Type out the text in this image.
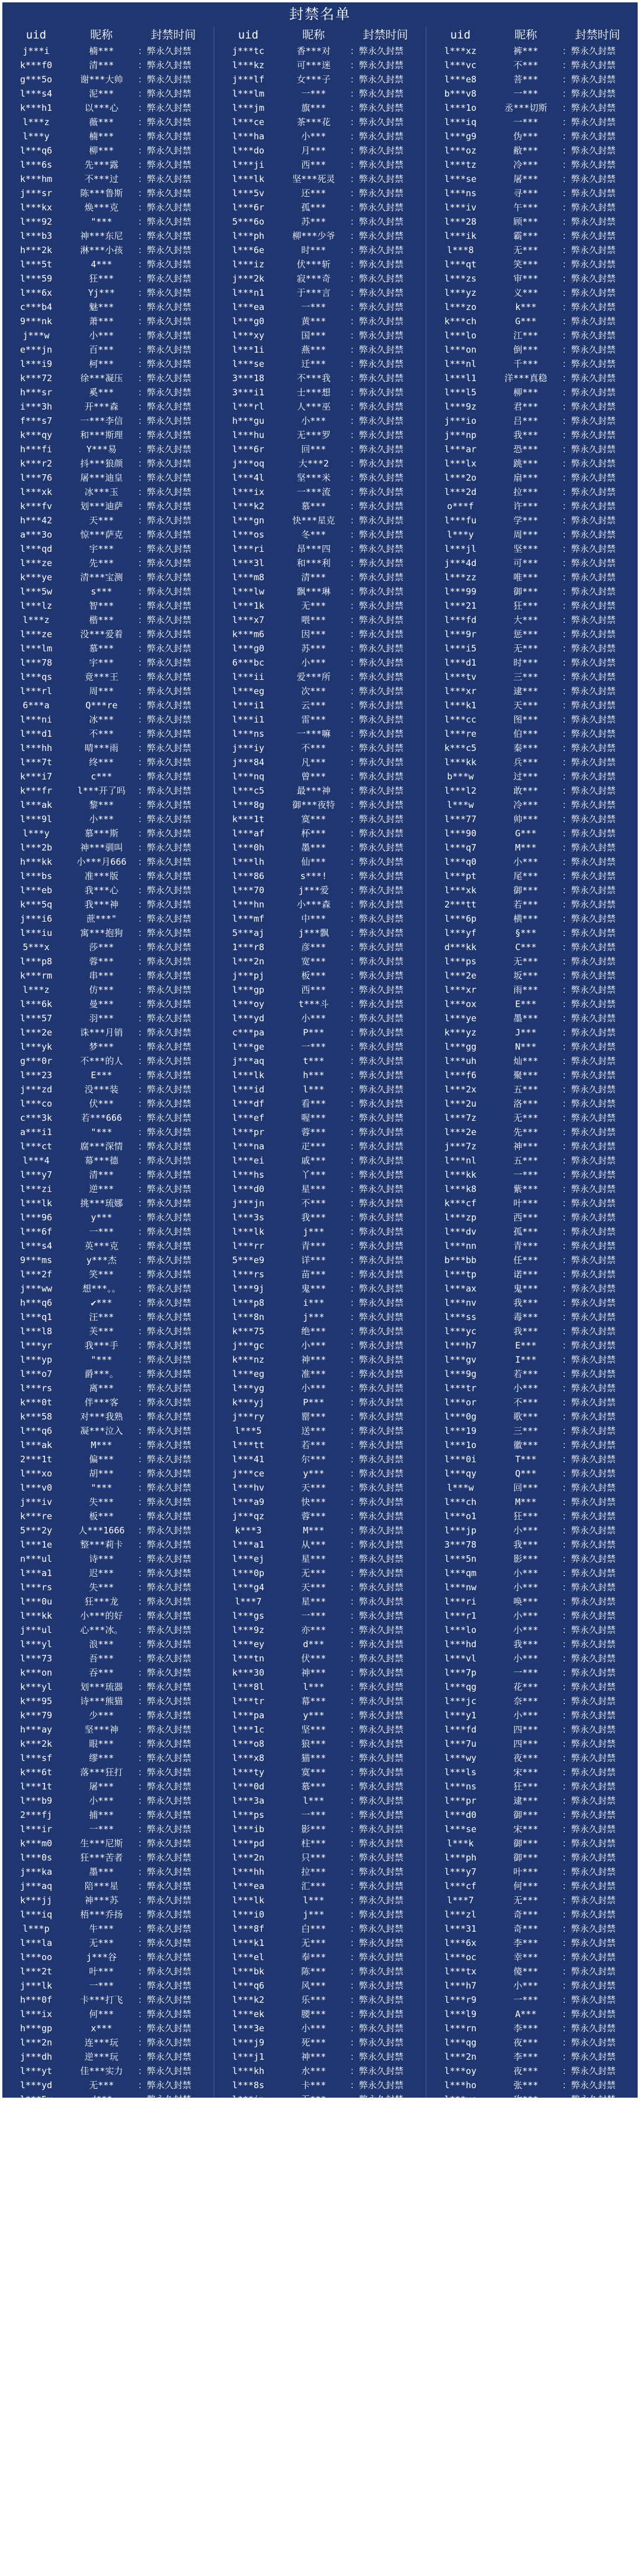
封禁名单
uid	昵称	封禁时间
j***i	楠***	：弊永久封禁
k***f0	清***	：弊永久封禁
g***5o	谢***大帅	：弊永久封禁
l***s4	泥***	：弊永久封禁
k***h1	以***心	：弊永久封禁
l***z	薇***	：弊永久封禁
l***y	楠***	：弊永久封禁
l***q6	柳***	：弊永久封禁
l***6s	先***露	：弊永久封禁
k***hm	不***过	：弊永久封禁
j***sr	陈***鲁斯	：弊永久封禁
l***kx	焕***克	：弊永久封禁
l***92	"***	：弊永久封禁
l***b3	神***东尼	：弊永久封禁
h***2k	淋***小孩	：弊永久封禁
l***5t	4***	：弊永久封禁
l***59	狂***	：弊永久封禁
l***6x	Yj***	：弊永久封禁
c***b4	魅***	：弊永久封禁
9***nk	萧***	：弊永久封禁
j***w	小***	：弊永久封禁
e***jn	百***	：弊永久封禁
l***i9	柯***	：弊永久封禁
k***72	徐***凝压	：弊永久封禁
h***sr	奚***	：弊永久封禁
i***3h	开***森	：弊永久封禁
f***s7	一***李信	：弊永久封禁
k***qy	和***斯理	：弊永久封禁
h***fi	Y***易	：弊永久封禁
k***r2	抖***狼颜	：弊永久封禁
l***76	屠***迪皇	：弊永久封禁
l***xk	冰***玉	：弊永久封禁
k***fv	划***迪萨	：弊永久封禁
h***42	天***	：弊永久封禁
a***3o	惊***萨克	：弊永久封禁
l***qd	宇***	：弊永久封禁
l***ze	先***	：弊永久封禁
k***ye	清***宝测	：弊永久封禁
l***5w	s***	：弊永久封禁
l***lz	智***	：弊永久封禁
l***z	楷***	：弊永久封禁
l***ze	没***爱着	：弊永久封禁
l***lm	慕***	：弊永久封禁
l***78	宇***	：弊永久封禁
l***qs	竟***王	：弊永久封禁
l***rl	周***	：弊永久封禁
6***a	Q***re	：弊永久封禁
l***ni	冰***	：弊永久封禁
l***d1	不***	：弊永久封禁
l***hh	晴***雨	：弊永久封禁
l***7t	终***	：弊永久封禁
k***i7	c***	：弊永久封禁
k***fr	l***开了吗	：弊永久封禁
l***ak	黎***	：弊永久封禁
l***9l	小***	：弊永久封禁
l***y	慕***斯	：弊永久封禁
l***2b	神***驯叫	：弊永久封禁
h***kk	小***月666	：弊永久封禁
l***bs	准***版	：弊永久封禁
l***eb	我***心	：弊永久封禁
k***5q	我***神	：弊永久封禁
j***i6	蔗***"	：弊永久封禁
l***iu	寓***抱狗	：弊永久封禁
5***x	莎***	：弊永久封禁
l***p8	蓉***	：弊永久封禁
k***rm	串***	：弊永久封禁
l***z	仿***	：弊永久封禁
l***6k	曼***	：弊永久封禁
l***57	羽***	：弊永久封禁
l***2e	诛***月销	：弊永久封禁
l***yk	梦***	：弊永久封禁
g***0r	不***的人	：弊永久封禁
l***23	E***	：弊永久封禁
j***zd	没***装	：弊永久封禁
l***co	伏***	：弊永久封禁
c***3k	若***666	：弊永久封禁
a***i1	"***	：弊永久封禁
l***ct	腐***深情	：弊永久封禁
l***4	幕***德	：弊永久封禁
l***y7	清***	：弊永久封禁
l***zi	逆***	：弊永久封禁
l***lk	挑***琉娜	：弊永久封禁
l***96	y***	：弊永久封禁
l***6f	一***	：弊永久封禁
l***s4	英***克	：弊永久封禁
9***ms	y***杰	：弊永久封禁
l***2f	笑***	：弊永久封禁
j***ww	想***。。	：弊永久封禁
h***q6	✔***	：弊永久封禁
l***q1	汪***	：弊永久封禁
l***l8	芙***	：弊永久封禁
l***yr	我***手	：弊永久封禁
l***yp	"***	：弊永久封禁
l***o7	爵***。	：弊永久封禁
l***rs	离***	：弊永久封禁
k***0t	伴***客	：弊永久封禁
k***58	对***我熟	：弊永久封禁
l***q6	凝***泣入	：弊永久封禁
l***ak	M***	：弊永久封禁
2***1t	偏***	：弊永久封禁
l***xo	胡***	：弊永久封禁
l***v0	"***	：弊永久封禁
j***iv	失***	：弊永久封禁
k***re	板***	：弊永久封禁
5***2y	人***1666	：弊永久封禁
l***1e	整***莉卡	：弊永久封禁
n***ul	诗***	：弊永久封禁
l***a1	迟***	：弊永久封禁
l***rs	失***	：弊永久封禁
l***0u	狂***龙	：弊永久封禁
l***kk	小***的好	：弊永久封禁
j***ul	心***冰。	：弊永久封禁
l***yl	浪***	：弊永久封禁
l***73	吾***	：弊永久封禁
k***on	吞***	：弊永久封禁
k***yl	划***琉器	：弊永久封禁
k***95	诗***熊猫	：弊永久封禁
k***79	少***	：弊永久封禁
h***ay	坚***神	：弊永久封禁
k***2k	眼***	：弊永久封禁
l***sf	缪***	：弊永久封禁
k***6t	落***狂打	：弊永久封禁
l***1t	屠***	：弊永久封禁
l***b9	小***	：弊永久封禁
2***fj	捕***	：弊永久封禁
l***ir	一***	：弊永久封禁
k***m0	生***尼斯	：弊永久封禁
l***0s	狂***苦者	：弊永久封禁
j***ka	墨***	：弊永久封禁
j***aq	陪***星	：弊永久封禁
k***jj	神***苏	：弊永久封禁
l***iq	梧***乔扬	：弊永久封禁
l***p	牛***	：弊永久封禁
l***la	无***	：弊永久封禁
l***oo	j***谷	：弊永久封禁
l***2t	叶***	：弊永久封禁
j***lk	一***	：弊永久封禁
h***0f	卡***打飞	：弊永久封禁
l***ix	何***	：弊永久封禁
h***gp	x***	：弊永久封禁
l***2n	连***玩	：弊永久封禁
j***dh	逆***玩	：弊永久封禁
l***yt	佳***实力	：弊永久封禁
l***yd	无***	：弊永久封禁
l***5v	d***	：弊永久封禁
l***aa	聂***	：弊永久封禁
l***rm	雨***	：弊永久封禁
l***qj	拉***存擦	：弊永久封禁
8***2c	乡***	：弊永久封禁
l***rc	哆***	：弊永久封禁
l***rt	吉***	：弊永久封禁
l***xk	雨***	：弊永久封禁
l***ch	一***	：弊永久封禁
l***rm	慕***天玉	：弊永久封禁
l***lg	伐***	：弊永久封禁
l***5v	书***	：弊永久封禁
l***rw	一***	：弊永久封禁
l***ap	风***	：弊永久封禁
j***2r	没***	：弊永久封禁
h***28	若***	：弊永久封禁
l***is	伊***	：弊永久封禁
l***gq	宁***	：弊永久封禁
l***jf	若***	：弊永久封禁
g***vh	陈***	：弊永久封禁
l***op	j***	：弊永久封禁
l***c	一***	：弊永久封禁
j***qq	幕***	：弊永久封禁
l***w	人***	：弊永久封禁
l***lq	j***	：弊永久封禁
l***hj	帝***	：弊永久封禁
l***hj	可***	：弊永久封禁
l***j0	冰***	：弊永久封禁
l***jp	辉***	：弊永久封禁
uid	昵称	封禁时间
j***tc	香***对	：弊永久封禁
l***kz	可***迷	：弊永久封禁
j***lf	女***子	：弊永久封禁
l***lm	一***	：弊永久封禁
l***jm	旗***	：弊永久封禁
l***ce	茶***花	：弊永久封禁
l***ha	小***	：弊永久封禁
l***do	月***	：弊永久封禁
l***ji	西***	：弊永久封禁
l***lk	坚***死灵	：弊永久封禁
l***5v	还***	：弊永久封禁
l***6r	孤***	：弊永久封禁
5***6o	苏***	：弊永久封禁
l***ph	柳***少爷	：弊永久封禁
l***6e	时***	：弊永久封禁
l***iz	伏***斩	：弊永久封禁
j***2k	寂***奇	：弊永久封禁
l***n1	于***言	：弊永久封禁
l***ea	一***	：弊永久封禁
l***g0	黄***	：弊永久封禁
l***xy	国***	：弊永久封禁
l***1i	燕***	：弊永久封禁
l***se	迁***	：弊永久封禁
3***18	不***我	：弊永久封禁
3***i1	士***想	：弊永久封禁
l***rl	人***巫	：弊永久封禁
h***gu	小***	：弊永久封禁
l***hu	无***罗	：弊永久封禁
l***6r	回***	：弊永久封禁
j***oq	大***2	：弊永久封禁
l***4l	坚***米	：弊永久封禁
l***ix	一***流	：弊永久封禁
l***k2	慕***	：弊永久封禁
l***gn	快***星克	：弊永久封禁
l***os	冬***	：弊永久封禁
l***ri	昂***四	：弊永久封禁
l***3l	和***利	：弊永久封禁
l***m8	清***	：弊永久封禁
l***lw	飘***琳	：弊永久封禁
l***1k	无***	：弊永久封禁
l***x7	喂***	：弊永久封禁
k***m6	因***	：弊永久封禁
l***g0	苏***	：弊永久封禁
6***bc	小***	：弊永久封禁
l***ii	爱***所	：弊永久封禁
l***eg	次***	：弊永久封禁
l***i1	云***	：弊永久封禁
l***i1	雷***	：弊永久封禁
l***ns	一***嘛	：弊永久封禁
j***iy	不***	：弊永久封禁
j***84	凡***	：弊永久封禁
l***nq	曾***	：弊永久封禁
l***c5	最***神	：弊永久封禁
l***8g	御***夜特	：弊永久封禁
k***1t	寞***	：弊永久封禁
l***af	杯***	：弊永久封禁
l***0h	墨***	：弊永久封禁
l***lh	仙***	：弊永久封禁
l***86	s***!	：弊永久封禁
l***70	j***爱	：弊永久封禁
l***hn	小***森	：弊永久封禁
l***mf	中***	：弊永久封禁
5***aj	j***飘	：弊永久封禁
1***r8	彦***	：弊永久封禁
l***2n	宽***	：弊永久封禁
j***pj	板***	：弊永久封禁
l***gp	西***	：弊永久封禁
l***oy	t***斗	：弊永久封禁
l***yd	小***	：弊永久封禁
c***pa	P***	：弊永久封禁
l***ge	一***	：弊永久封禁
j***aq	t***	：弊永久封禁
l***lk	h***	：弊永久封禁
l***id	l***	：弊永久封禁
l***df	看***	：弊永久封禁
l***ef	喔***	：弊永久封禁
l***pr	蓉***	：弊永久封禁
l***na	疋***	：弊永久封禁
l***ei	戚***	：弊永久封禁
l***hs	丫***	：弊永久封禁
l***d0	星***	：弊永久封禁
j***jn	不***	：弊永久封禁
l***3s	我***	：弊永久封禁
l***lk	j***	：弊永久封禁
l***rr	青***	：弊永久封禁
5***e9	详***	：弊永久封禁
l***rs	苗***	：弊永久封禁
l***9j	鬼***	：弊永久封禁
l***p8	i***	：弊永久封禁
l***8n	j***	：弊永久封禁
k***75	绝***	：弊永久封禁
j***gc	小***	：弊永久封禁
k***nz	神***	：弊永久封禁
l***eg	准***	：弊永久封禁
l***yg	小***	：弊永久封禁
k***yj	P***	：弊永久封禁
j***ry	罂***	：弊永久封禁
l***5	送***	：弊永久封禁
l***tt	若***	：弊永久封禁
l***41	尔***	：弊永久封禁
j***ce	y***	：弊永久封禁
l***hv	天***	：弊永久封禁
l***a9	快***	：弊永久封禁
j***qz	蓉***	：弊永久封禁
k***3	M***	：弊永久封禁
l***a1	从***	：弊永久封禁
l***ej	星***	：弊永久封禁
l***0p	无***	：弊永久封禁
l***g4	天***	：弊永久封禁
l***7	星***	：弊永久封禁
l***gs	一***	：弊永久封禁
l***9z	亦***	：弊永久封禁
l***ey	d***	：弊永久封禁
l***tn	伏***	：弊永久封禁
k***30	神***	：弊永久封禁
l***8l	l***	：弊永久封禁
l***tr	幕***	：弊永久封禁
l***pa	y***	：弊永久封禁
l***1c	坚***	：弊永久封禁
l***o8	狼***	：弊永久封禁
l***x8	猫***	：弊永久封禁
l***ty	寞***	：弊永久封禁
l***0d	慕***	：弊永久封禁
l***3a	l***	：弊永久封禁
l***ps	一***	：弊永久封禁
l***ib	影***	：弊永久封禁
l***pd	柱***	：弊永久封禁
l***2n	只***	：弊永久封禁
l***hh	拉***	：弊永久封禁
l***ea	汇***	：弊永久封禁
l***lk	l***	：弊永久封禁
l***i0	j***	：弊永久封禁
l***8f	白***	：弊永久封禁
l***k1	无***	：弊永久封禁
l***el	奉***	：弊永久封禁
l***bk	陈***	：弊永久封禁
l***q6	风***	：弊永久封禁
l***k2	乐***	：弊永久封禁
l***ek	腰***	：弊永久封禁
l***3e	小***	：弊永久封禁
l***j9	死***	：弊永久封禁
l***j1	神***	：弊永久封禁
l***kh	水***	：弊永久封禁
l***8s	卡***	：弊永久封禁
l***in	无***	：弊永久封禁
e***jd	在***	：弊永久封禁
l***fa	黄***	：弊永久封禁
l***hl	坚***	：弊永久封禁
j***er	瑶***	：弊永久封禁
l***1g	墨***	：弊永久封禁
l***sh	快***	：弊永久封禁
j***cn	l***	：弊永久封禁
l***ex	弟***	：弊永久封禁
l***6i	墨***	：弊永久封禁
l***at	小***	：弊永久封禁
l***xj	坚***	：弊永久封禁
l***x7	快***	：弊永久封禁
l***r6	青***	：弊永久封禁
l***80	快***	：弊永久封禁
l***rb	哎***	：弊永久封禁
l***db	哦***	：弊永久封禁
l***f1	哎***	：弊永久封禁
l***i0	d***	：弊永久封禁
l***pg	k***	：弊永久封禁
l***u3	9***	：弊永久封禁
l***el	l***	：弊永久封禁
l***by	小***	：弊永久封禁
l***8d	小***	：弊永久封禁
l***jo	一***	：弊永久封禁
l***b9	慕***	：弊永久封禁
l***6d	坚***	：弊永久封禁
l***c4	乐***	：弊永久封禁
l***1n	我***	：弊永久封禁
l***7i	明***	：弊永久封禁
uid	昵称	封禁时间
l***xz	裤***	：弊永久封禁
l***vc	不***	：弊永久封禁
l***e8	菩***	：弊永久封禁
b***v8	一***	：弊永久封禁
l***1o	丞***切斯	：弊永久封禁
l***iq	一***	：弊永久封禁
l***g9	伪***	：弊永久封禁
l***oz	敝***	：弊永久封禁
l***tz	冷***	：弊永久封禁
l***se	屠***	：弊永久封禁
l***ns	寻***	：弊永久封禁
l***iv	午***	：弊永久封禁
l***28	顾***	：弊永久封禁
l***ik	霸***	：弊永久封禁
l***8	无***	：弊永久封禁
l***qt	笑***	：弊永久封禁
l***zs	审***	：弊永久封禁
l***yz	义***	：弊永久封禁
l***zo	k***	：弊永久封禁
k***ch	G***	：弊永久封禁
l***lo	江***	：弊永久封禁
l***on	倒***	：弊永久封禁
l***nl	千***	：弊永久封禁
l***l1	洋***真稳	：弊永久封禁
l***l5	柳***	：弊永久封禁
l***9z	君***	：弊永久封禁
j***io	吕***	：弊永久封禁
j***np	我***	：弊永久封禁
l***ar	恐***	：弊永久封禁
l***lx	跳***	：弊永久封禁
l***2o	扇***	：弊永久封禁
l***2d	拉***	：弊永久封禁
o***f	许***	：弊永久封禁
l***fu	学***	：弊永久封禁
l***y	周***	：弊永久封禁
l***jl	坚***	：弊永久封禁
j***4d	可***	：弊永久封禁
l***zz	唯***	：弊永久封禁
l***99	御***	：弊永久封禁
l***21	狂***	：弊永久封禁
l***fd	大***	：弊永久封禁
l***9r	惩***	：弊永久封禁
l***i5	无***	：弊永久封禁
l***d1	时***	：弊永久封禁
l***tv	三***	：弊永久封禁
l***xr	逮***	：弊永久封禁
l***k1	天***	：弊永久封禁
l***cc	图***	：弊永久封禁
l***re	伯***	：弊永久封禁
k***c5	秦***	：弊永久封禁
l***kk	兵***	：弊永久封禁
b***w	过***	：弊永久封禁
l***l2	敢***	：弊永久封禁
l***w	冷***	：弊永久封禁
l***77	帅***	：弊永久封禁
l***90	G***	：弊永久封禁
l***q7	M***	：弊永久封禁
l***q0	小***	：弊永久封禁
l***pt	尾***	：弊永久封禁
l***xk	御***	：弊永久封禁
2***tt	若***	：弊永久封禁
l***6p	横***	：弊永久封禁
l***yf	§***	：弊永久封禁
d***kk	C***	：弊永久封禁
l***ps	无***	：弊永久封禁
l***2e	坂***	：弊永久封禁
l***xr	雨***	：弊永久封禁
l***ox	E***	：弊永久封禁
l***ye	墨***	：弊永久封禁
k***yz	J***	：弊永久封禁
l***gg	N***	：弊永久封禁
l***uh	灿***	：弊永久封禁
l***f6	聚***	：弊永久封禁
l***2x	五***	：弊永久封禁
l***2u	洛***	：弊永久封禁
l***7z	无***	：弊永久封禁
l***2e	先***	：弊永久封禁
j***7z	神***	：弊永久封禁
l***nl	五***	：弊永久封禁
l***kk	一***	：弊永久封禁
l***k8	紫***	：弊永久封禁
k***cf	叶***	：弊永久封禁
l***zp	西***	：弊永久封禁
l***dv	孤***	：弊永久封禁
l***nn	青***	：弊永久封禁
b***bb	任***	：弊永久封禁
l***tp	诺***	：弊永久封禁
l***ax	鬼***	：弊永久封禁
l***nv	我***	：弊永久封禁
l***ss	毒***	：弊永久封禁
l***yc	我***	：弊永久封禁
l***h7	E***	：弊永久封禁
l***gv	I***	：弊永久封禁
l***9g	若***	：弊永久封禁
l***tr	小***	：弊永久封禁
l***or	不***	：弊永久封禁
l***0g	歌***	：弊永久封禁
l***19	三***	：弊永久封禁
l***1o	徽***	：弊永久封禁
l***0i	T***	：弊永久封禁
l***qy	Q***	：弊永久封禁
l***w	回***	：弊永久封禁
l***ch	M***	：弊永久封禁
l***o1	狂***	：弊永久封禁
l***jp	小***	：弊永久封禁
3***78	我***	：弊永久封禁
l***5n	影***	：弊永久封禁
l***qm	小***	：弊永久封禁
l***nw	小***	：弊永久封禁
l***ri	唤***	：弊永久封禁
l***r1	小***	：弊永久封禁
l***lo	小***	：弊永久封禁
l***hd	我***	：弊永久封禁
l***vl	小***	：弊永久封禁
l***7p	一***	：弊永久封禁
l***qg	花***	：弊永久封禁
l***jc	奈***	：弊永久封禁
l***y1	小***	：弊永久封禁
l***fd	四***	：弊永久封禁
l***7u	四***	：弊永久封禁
l***wy	夜***	：弊永久封禁
l***ls	宋***	：弊永久封禁
l***ns	狂***	：弊永久封禁
l***pr	逮***	：弊永久封禁
l***d0	御***	：弊永久封禁
l***se	宋***	：弊永久封禁
l***k	御***	：弊永久封禁
l***ph	御***	：弊永久封禁
l***y7	叶***	：弊永久封禁
l***cf	何***	：弊永久封禁
l***7	无***	：弊永久封禁
l***zl	奇***	：弊永久封禁
l***31	奇***	：弊永久封禁
l***6x	李***	：弊永久封禁
l***oc	幸***	：弊永久封禁
l***tx	傻***	：弊永久封禁
l***h7	小***	：弊永久封禁
l***r9	一***	：弊永久封禁
l***l9	A***	：弊永久封禁
l***rn	李***	：弊永久封禁
l***qg	夜***	：弊永久封禁
l***2n	李***	：弊永久封禁
l***oy	夜***	：弊永久封禁
l***ho	张***	：弊永久封禁
l***yc	玫***	：弊永久封禁
j***y7	五***	：弊永久封禁
l***ry	孙***	：弊永久封禁
l***c5	许***	：弊永久封禁
l***pn	P***	：弊永久封禁
l***kc	八***	：弊永久封禁
l***26	何***	：弊永久封禁
l***76	无***	：弊永久封禁
l***r1	c***	：弊永久封禁
l***14	撒***	：弊永久封禁
l***18	沉***	：弊永久封禁
l***rz	不***	：弊永久封禁
l***7i	旭***	：弊永久封禁
l***ir	L***	：弊永久封禁
l***5b	无***	：弊永久封禁
l***rp	北***	：弊永久封禁
l***rn	有***	：弊永久封禁
l***ri	五***	：弊永久封禁
l***qa	一***	：弊永久封禁
l***5	杨***	：弊永久封禁
l***ic	狮***	：弊永久封禁
2***ic	我***	：弊永久封禁
l***m	唱***	：弊永久封禁
y***i	云***	：弊永久封禁
l***gb	l***	：弊永久封禁
l***ur	四***	：弊永久封禁
l***2r	水***	：弊永久封禁
l***jj	小***	：弊永久封禁
l***yk	小***	：弊永久封禁
l***mw	学***	：弊永久封禁
l***pm	小***	：弊永久封禁
l***pb	征***	：弊永久封禁
l***2t	夜***	：弊永久封禁
l***6r	神***	：弊永久封禁
